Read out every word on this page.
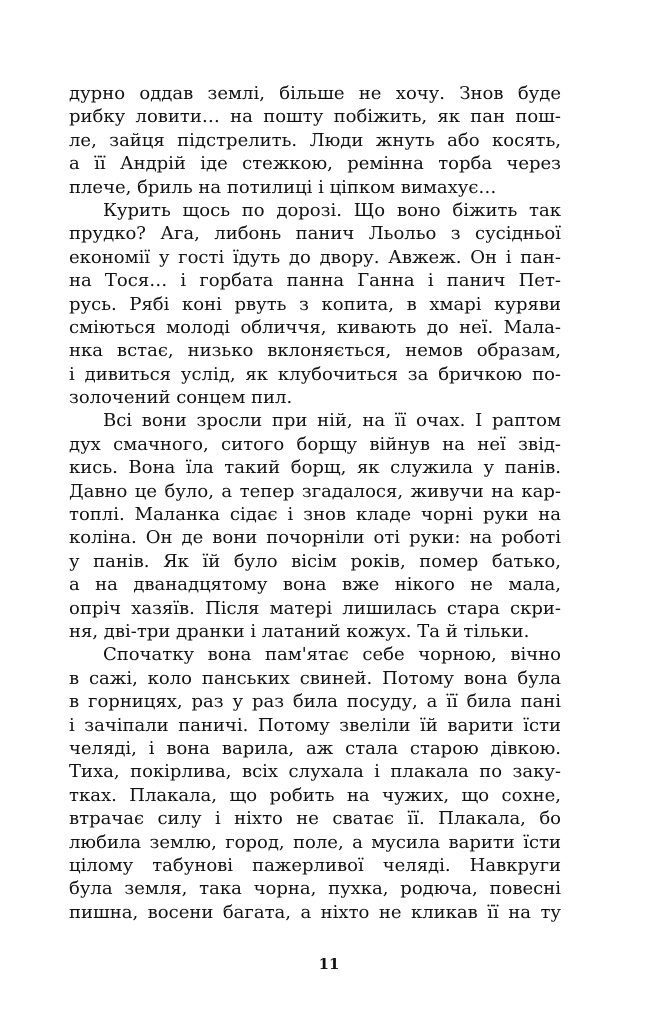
дурно оддав землі, більше не хочу. Знов буде
рибку ловити… на пошту побіжить, як пан пош-
ле, зайця підстрелить. Люди жнуть або косять,
а її Андрій іде стежкою, ремінна торба через
плече, бриль на потилиці і ціпком вимахує…
Курить щось по дорозі. Що воно біжить так
прудко? Ага, либонь панич Льольо з сусідньої
економії у гості їдуть до двору. Авжеж. Он і пан-
на Тося… і горбата панна Ганна і панич Пет-
русь. Рябі коні рвуть з копита, в хмарі куряви
сміються молоді обличчя, кивають до неї. Мала-
нка встає, низько вклоняється, немов образам,
і дивиться услід, як клубочиться за бричкою по-
золочений сонцем пил.
Всі вони зросли при ній, на її очах. І раптом
дух смачного, ситого борщу війнув на неї звід-
кись. Вона їла такий борщ, як служила у панів.
Давно це було, а тепер згадалося, живучи на кар-
топлі. Маланка сідає і знов кладе чорні руки на
коліна. Он де вони почорніли оті руки: на роботі
у панів. Як їй було вісім років, помер батько,
а на дванадцятому вона вже нікого не мала,
опріч хазяїв. Після матері лишилась стара скри-
ня, дві-три дранки і латаний кожух. Та й тільки.
Спочатку вона пам'ятає себе чорною, вічно
в сажі, коло панських свиней. Потому вона була
в горницях, раз у раз била посуду, а її била пані
і зачіпали паничі. Потому звеліли їй варити їсти
челяді, і вона варила, аж стала старою дівкою.
Тиха, покірлива, всіх слухала і плакала по заку-
тках. Плакала, що робить на чужих, що сохне,
втрачає силу і ніхто не сватає її. Плакала, бо
любила землю, город, поле, а мусила варити їсти
цілому табунові пажерливої челяді. Навкруги
була земля, така чорна, пухка, родюча, повесні
пишна, восени багата, а ніхто не кликав її на ту
11
